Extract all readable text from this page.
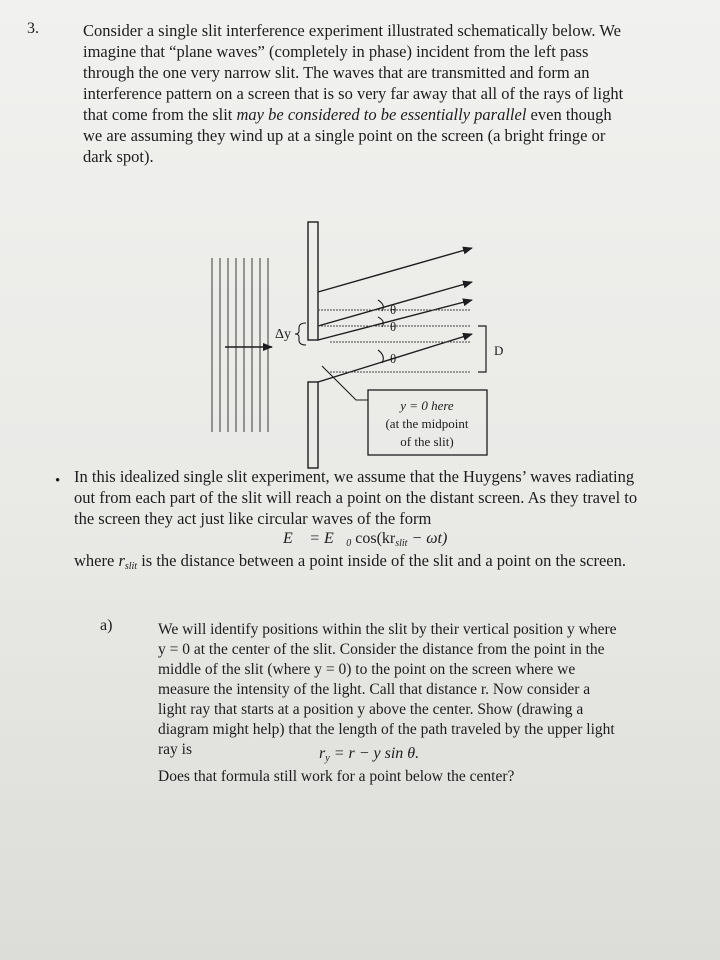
3.	Consider a single slit interference experiment illustrated schematically below. We
imagine that “plane waves” (completely in phase) incident from the left pass
through the one very narrow slit. The waves that are transmitted and form an
interference pattern on a screen that is so very far away that all of the rays of light
that come from the slit may be considered to be essentially parallel even though
we are assuming they wind up at a single point on the screen (a bright fringe or
dark spot).
θ
θ
θ
Δy
D
y = 0 here
(at the midpoint
of the slit)
• In this idealized single slit experiment, we assume that the Huygens’ waves radiating
out from each part of the slit will reach a point on the distant screen. As they travel to
the screen they act just like circular waves of the form
E⃗ = $E⃗_0$ $\cos(kr_{slit} - \omega t)$
where $r_{slit}$ is the distance between a point inside of the slit and a point on the screen.
a)	We will identify positions within the slit by their vertical position y where
y = 0 at the center of the slit. Consider the distance from the point in the
middle of the slit (where y = 0) to the point on the screen where we
measure the intensity of the light. Call that distance r. Now consider a
light ray that starts at a position y above the center. Show (drawing a
diagram might help) that the length of the path traveled by the upper light
ray is	$r_y = r - y$ sin θ.
Does that formula still work for a point below the center?
